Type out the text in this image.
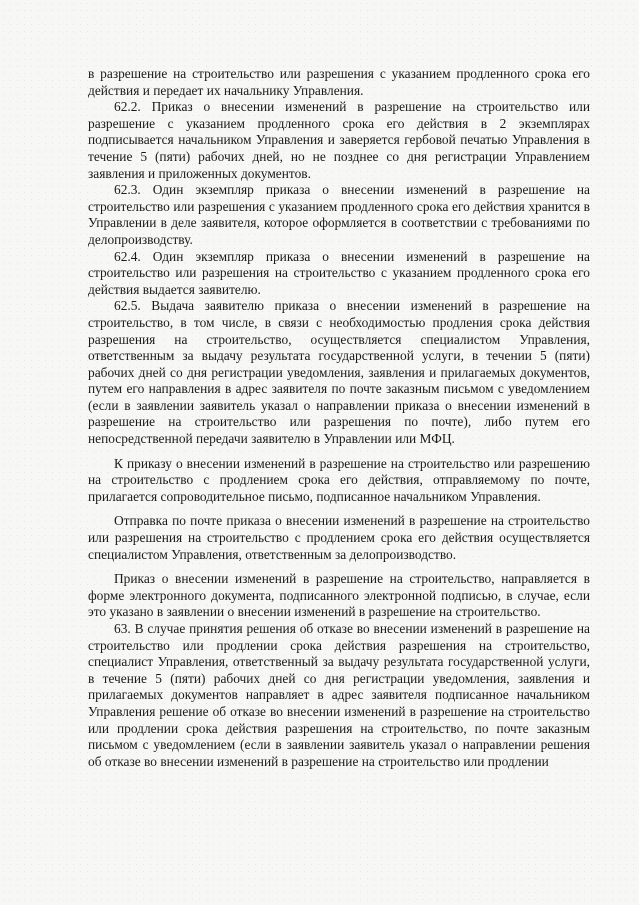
в разрешение на строительство или разрешения с указанием продленного срока его действия и передает их начальнику Управления.

62.2. Приказ о внесении изменений в разрешение на строительство или разрешение с указанием продленного срока его действия в 2 экземплярах подписывается начальником Управления и заверяется гербовой печатью Управления в течение 5 (пяти) рабочих дней, но не позднее со дня регистрации Управлением заявления и приложенных документов.

62.3. Один экземпляр приказа о внесении изменений в разрешение на строительство или разрешения с указанием продленного срока его действия хранится в Управлении в деле заявителя, которое оформляется в соответствии с требованиями по делопроизводству.

62.4. Один экземпляр приказа о внесении изменений в разрешение на строительство или разрешения на строительство с указанием продленного срока его действия выдается заявителю.

62.5. Выдача заявителю приказа о внесении изменений в разрешение на строительство, в том числе, в связи с необходимостью продления срока действия разрешения на строительство, осуществляется специалистом Управления, ответственным за выдачу результата государственной услуги, в течении 5 (пяти) рабочих дней со дня регистрации уведомления, заявления и прилагаемых документов, путем его направления в адрес заявителя по почте заказным письмом с уведомлением (если в заявлении заявитель указал о направлении приказа о внесении изменений в разрешение на строительство или разрешения по почте), либо путем его непосредственной передачи заявителю в Управлении или МФЦ.

К приказу о внесении изменений в разрешение на строительство или разрешению на строительство с продлением срока его действия, отправляемому по почте, прилагается сопроводительное письмо, подписанное начальником Управления.

Отправка по почте приказа о внесении изменений в разрешение на строительство или разрешения на строительство с продлением срока его действия осуществляется специалистом Управления, ответственным за делопроизводство.

Приказ о внесении изменений в разрешение на строительство, направляется в форме электронного документа, подписанного электронной подписью, в случае, если это указано в заявлении о внесении изменений в разрешение на строительство.

63. В случае принятия решения об отказе во внесении изменений в разрешение на строительство или продлении срока действия разрешения на строительство, специалист Управления, ответственный за выдачу результата государственной услуги, в течение 5 (пяти) рабочих дней со дня регистрации уведомления, заявления и прилагаемых документов направляет в адрес заявителя подписанное начальником Управления решение об отказе во внесении изменений в разрешение на строительство или продлении срока действия разрешения на строительство, по почте заказным письмом с уведомлением (если в заявлении заявитель указал о направлении решения об отказе во внесении изменений в разрешение на строительство или продлении
